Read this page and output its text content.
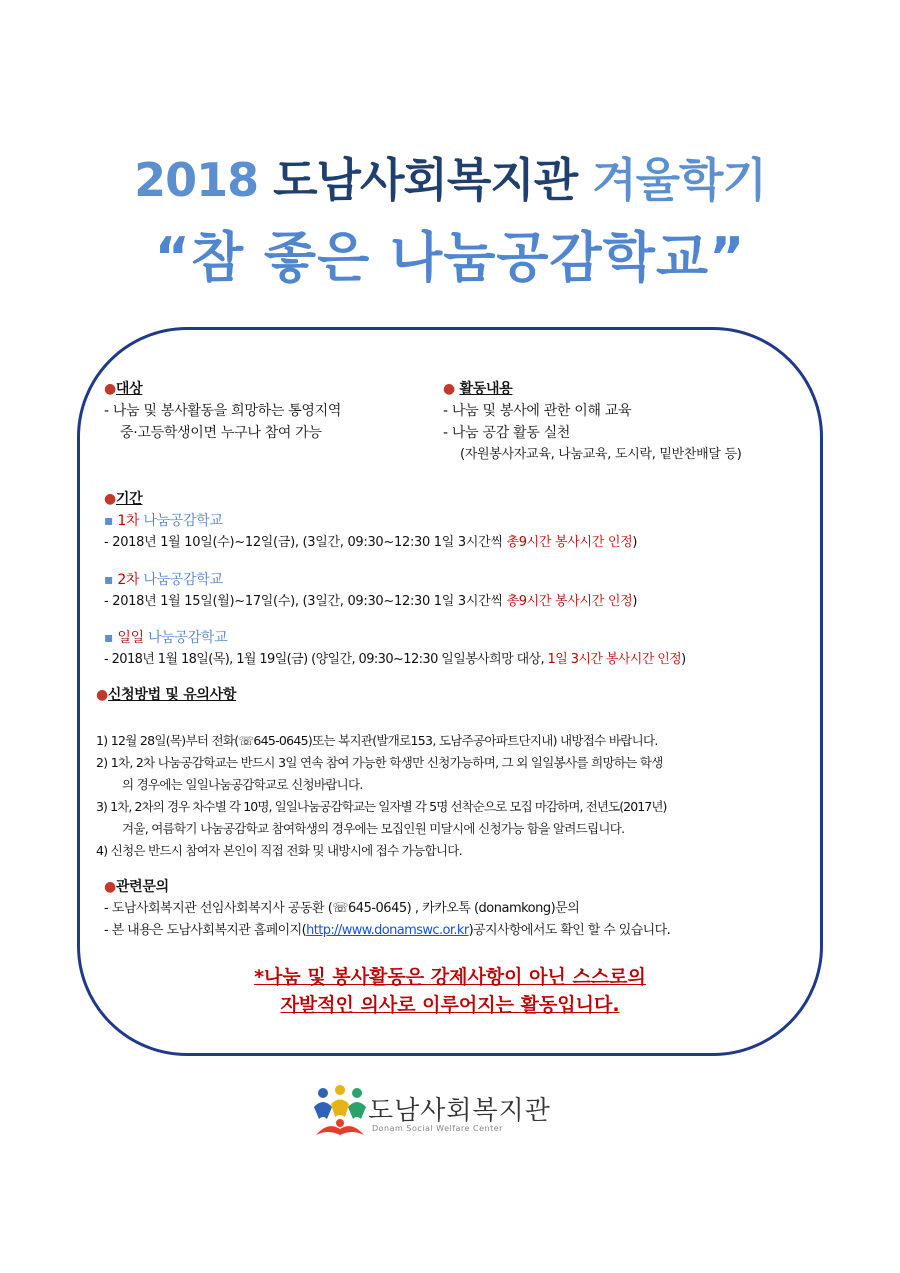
2018 도남사회복지관 겨울학기
“참 좋은 나눔공감학교”
●대상
- 나눔 및 봉사활동을 희망하는 통영지역
중·고등학생이면 누구나 참여 가능
● 활동내용
- 나눔 및 봉사에 관한 이해 교육
- 나눔 공감 활동 실천
(자원봉사자교육, 나눔교육, 도시락, 밑반찬배달 등)
●기간
▪ 1차 나눔공감학교
- 2018년 1월 10일(수)~12일(금), (3일간, 09:30~12:30 1일 3시간씩 총9시간 봉사시간 인정)
▪ 2차 나눔공감학교
- 2018년 1월 15일(월)~17일(수), (3일간, 09:30~12:30 1일 3시간씩 총9시간 봉사시간 인정)
▪ 일일 나눔공감학교
- 2018년 1월 18일(목), 1월 19일(금) (양일간, 09:30~12:30 일일봉사희망 대상, 1일 3시간 봉사시간 인정)
●신청방법 및 유의사항
1) 12월 28일(목)부터 전화(☏645-0645)또는 복지관(발개로153, 도남주공아파트단지내) 내방접수 바랍니다.
2) 1차, 2차 나눔공감학교는 반드시 3일 연속 참여 가능한 학생만 신청가능하며, 그 외 일일봉사를 희망하는 학생
의 경우에는 일일나눔공감학교로 신청바랍니다.
3) 1차, 2차의 경우 차수별 각 10명, 일일나눔공감학교는 일자별 각 5명 선착순으로 모집 마감하며, 전년도(2017년)
겨울, 여름학기 나눔공감학교 참여학생의 경우에는 모집인원 미달시에 신청가능 함을 알려드립니다.
4) 신청은 반드시 참여자 본인이 직접 전화 및 내방시에 접수 가능합니다.
●관련문의
- 도남사회복지관 선임사회복지사 공동환 (☏645-0645) , 카카오톡 (donamkong)문의
- 본 내용은 도남사회복지관 홈페이지(http://www.donamswc.or.kr)공지사항에서도 확인 할 수 있습니다.
*나눔 및 봉사활동은 강제사항이 아닌 스스로의
자발적인 의사로 이루어지는 활동입니다.
도남사회복지관
Donam Social Welfare Center
